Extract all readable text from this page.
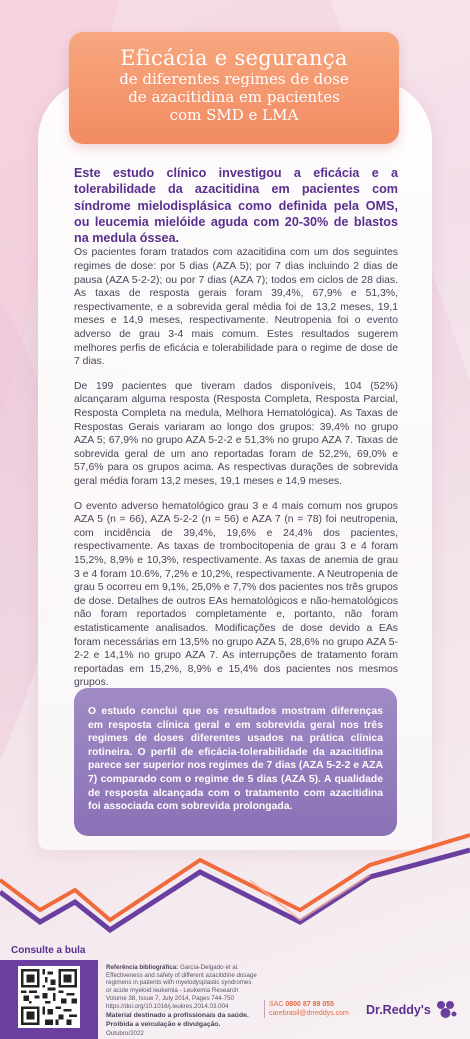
Eficácia e segurança
de diferentes regimes de dose
de azacitidina em pacientes
com SMD e LMA

Este estudo clínico investigou a eficácia e a tolerabilidade da azacitidina em pacientes com síndrome mielodisplásica como definida pela OMS, ou leucemia mielóide aguda com 20-30% de blastos na medula óssea.

Os pacientes foram tratados com azacitidina com um dos seguintes regimes de dose: por 5 dias (AZA 5); por 7 dias incluindo 2 dias de pausa (AZA 5-2-2); ou por 7 dias (AZA 7); todos em ciclos de 28 dias. As taxas de resposta gerais foram 39,4%, 67,9% e 51,3%, respectivamente, e a sobrevida geral média foi de 13,2 meses, 19,1 meses e 14,9 meses, respectivamente. Neutropenia foi o evento adverso de grau 3-4 mais comum. Estes resultados sugerem melhores perfis de eficácia e tolerabilidade para o regime de dose de 7 dias.

De 199 pacientes que tiveram dados disponíveis, 104 (52%) alcançaram alguma resposta (Resposta Completa, Resposta Parcial, Resposta Completa na medula, Melhora Hematológica). As Taxas de Respostas Gerais variaram ao longo dos grupos: 39,4% no grupo AZA 5; 67,9% no grupo AZA 5-2-2 e 51,3% no grupo AZA 7. Taxas de sobrevida geral de um ano reportadas foram de 52,2%, 69,0% e 57,6% para os grupos acima. As respectivas durações de sobrevida geral média foram 13,2 meses, 19,1 meses e 14,9 meses.

O evento adverso hematológico grau 3 e 4 mais comum nos grupos AZA 5 (n = 66), AZA 5-2-2 (n = 56) e AZA 7 (n = 78) foi neutropenia, com incidência de 39,4%, 19,6% e 24,4% dos pacientes, respectivamente. As taxas de trombocitopenia de grau 3 e 4 foram 15,2%, 8,9% e 10,3%, respectivamente. As taxas de anemia de grau 3 e 4 foram 10.6%, 7,2% e 10,2%, respectivamente. A Neutropenia de grau 5 ocorreu em 9,1%, 25,0% e 7,7% dos pacientes nos três grupos de dose. Detalhes de outros EAs hematológicos e não-hematológicos não foram reportados completamente e, portanto, não foram estatisticamente analisados. Modificações de dose devido a EAs foram necessárias em 13,5% no grupo AZA 5, 28,6% no grupo AZA 5-2-2 e 14,1% no grupo AZA 7. As interrupções de tratamento foram reportadas em 15,2%, 8,9% e 15,4% dos pacientes nos mesmos grupos.

O estudo conclui que os resultados mostram diferenças em resposta clínica geral e em sobrevida geral nos três regimes de doses diferentes usados na prática clínica rotineira. O perfil de eficácia-tolerabilidade da azacitidina parece ser superior nos regimes de 7 dias (AZA 5-2-2 e AZA 7) comparado com o regime de 5 dias (AZA 5). A qualidade de resposta alcançada com o tratamento com azacitidina foi associada com sobrevida prolongada.

Consulte a bula
Referência bibliográfica: García-Delgado et al. Effectiveness and safety of different azacitidine dosage regimens in patients with myelodysplastic syndromes or acute myeloid leukemia - Leukemia Research Volume 38, Issue 7, July 2014, Pages 744-750 https://doi.org/10.1016/j.leukres.2014.03.004
Material destinado a profissionais da saúde. Proibida a veiculação e divulgação.
Outubro/2022
SAC 0800 87 89 055
carebrasil@drreddys.com Dr.Reddy's
